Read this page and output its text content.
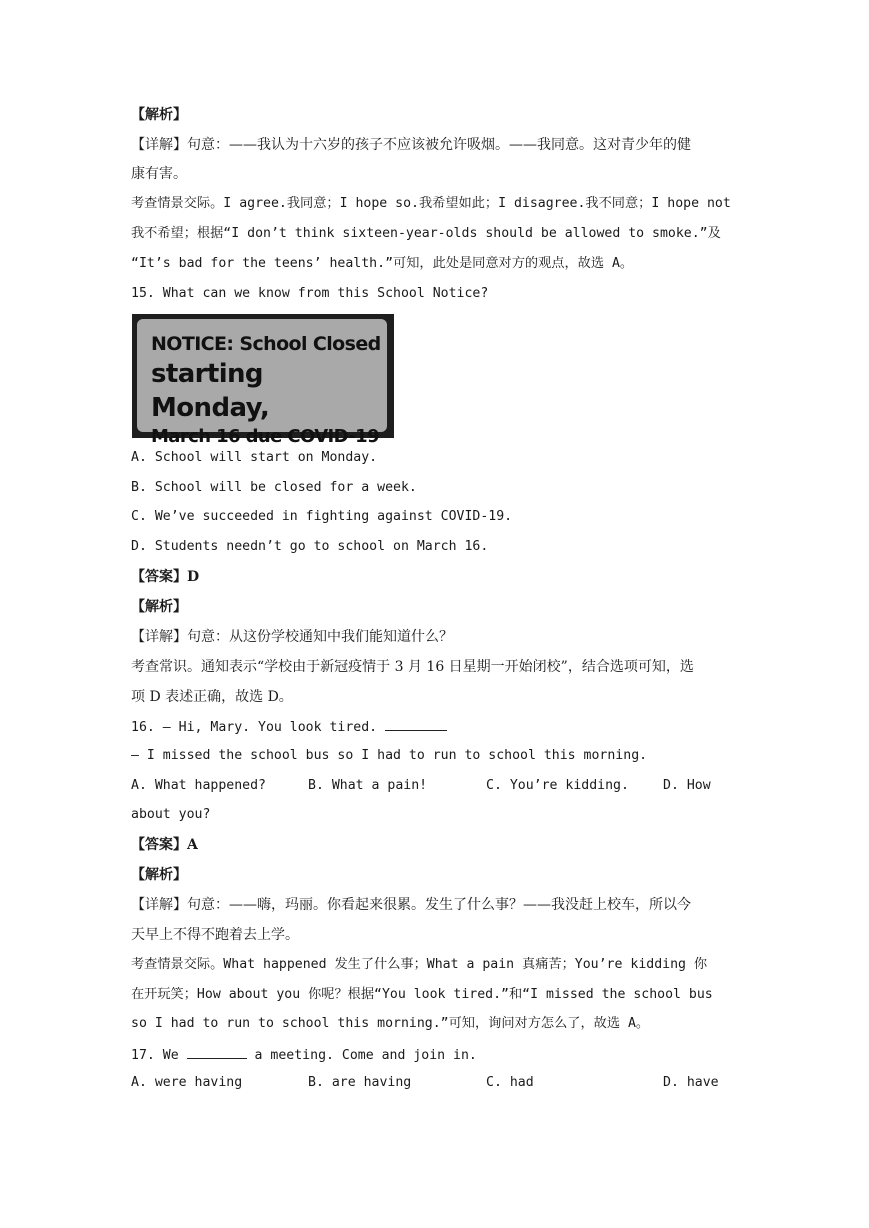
【解析】
【详解】句意：——我认为十六岁的孩子不应该被允许吸烟。——我同意。这对青少年的健
康有害。
考查情景交际。I agree.我同意；I hope so.我希望如此；I disagree.我不同意；I hope not
我不希望；根据“I don’t think sixteen-year-olds should be allowed to smoke.”及
“It’s bad for the teens’ health.”可知，此处是同意对方的观点，故选 A。
15. What can we know from this School Notice?
NOTICE: School Closed
starting Monday,
March 16 due COVID-19
A. School will start on Monday.
B. School will be closed for a week.
C. We’ve succeeded in fighting against COVID-19.
D. Students needn’t go to school on March 16.
【答案】D
【解析】
【详解】句意：从这份学校通知中我们能知道什么？
考查常识。通知表示“学校由于新冠疫情于 3 月 16 日星期一开始闭校”，结合选项可知，选
项 D 表述正确，故选 D。
16. — Hi, Mary. You look tired.
— I missed the school bus so I had to run to school this morning.
A. What happened?	B. What a pain!	C. You’re kidding.	D. How
about you?
【答案】A
【解析】
【详解】句意：——嗨，玛丽。你看起来很累。发生了什么事？——我没赶上校车，所以今
天早上不得不跑着去上学。
考查情景交际。What happened 发生了什么事；What a pain 真痛苦；You’re kidding 你
在开玩笑；How about you 你呢？根据“You look tired.”和“I missed the school bus
so I had to run to school this morning.”可知，询问对方怎么了，故选 A。
17. We	a meeting. Come and join in.
A. were having	B. are having	C. had	D. have
